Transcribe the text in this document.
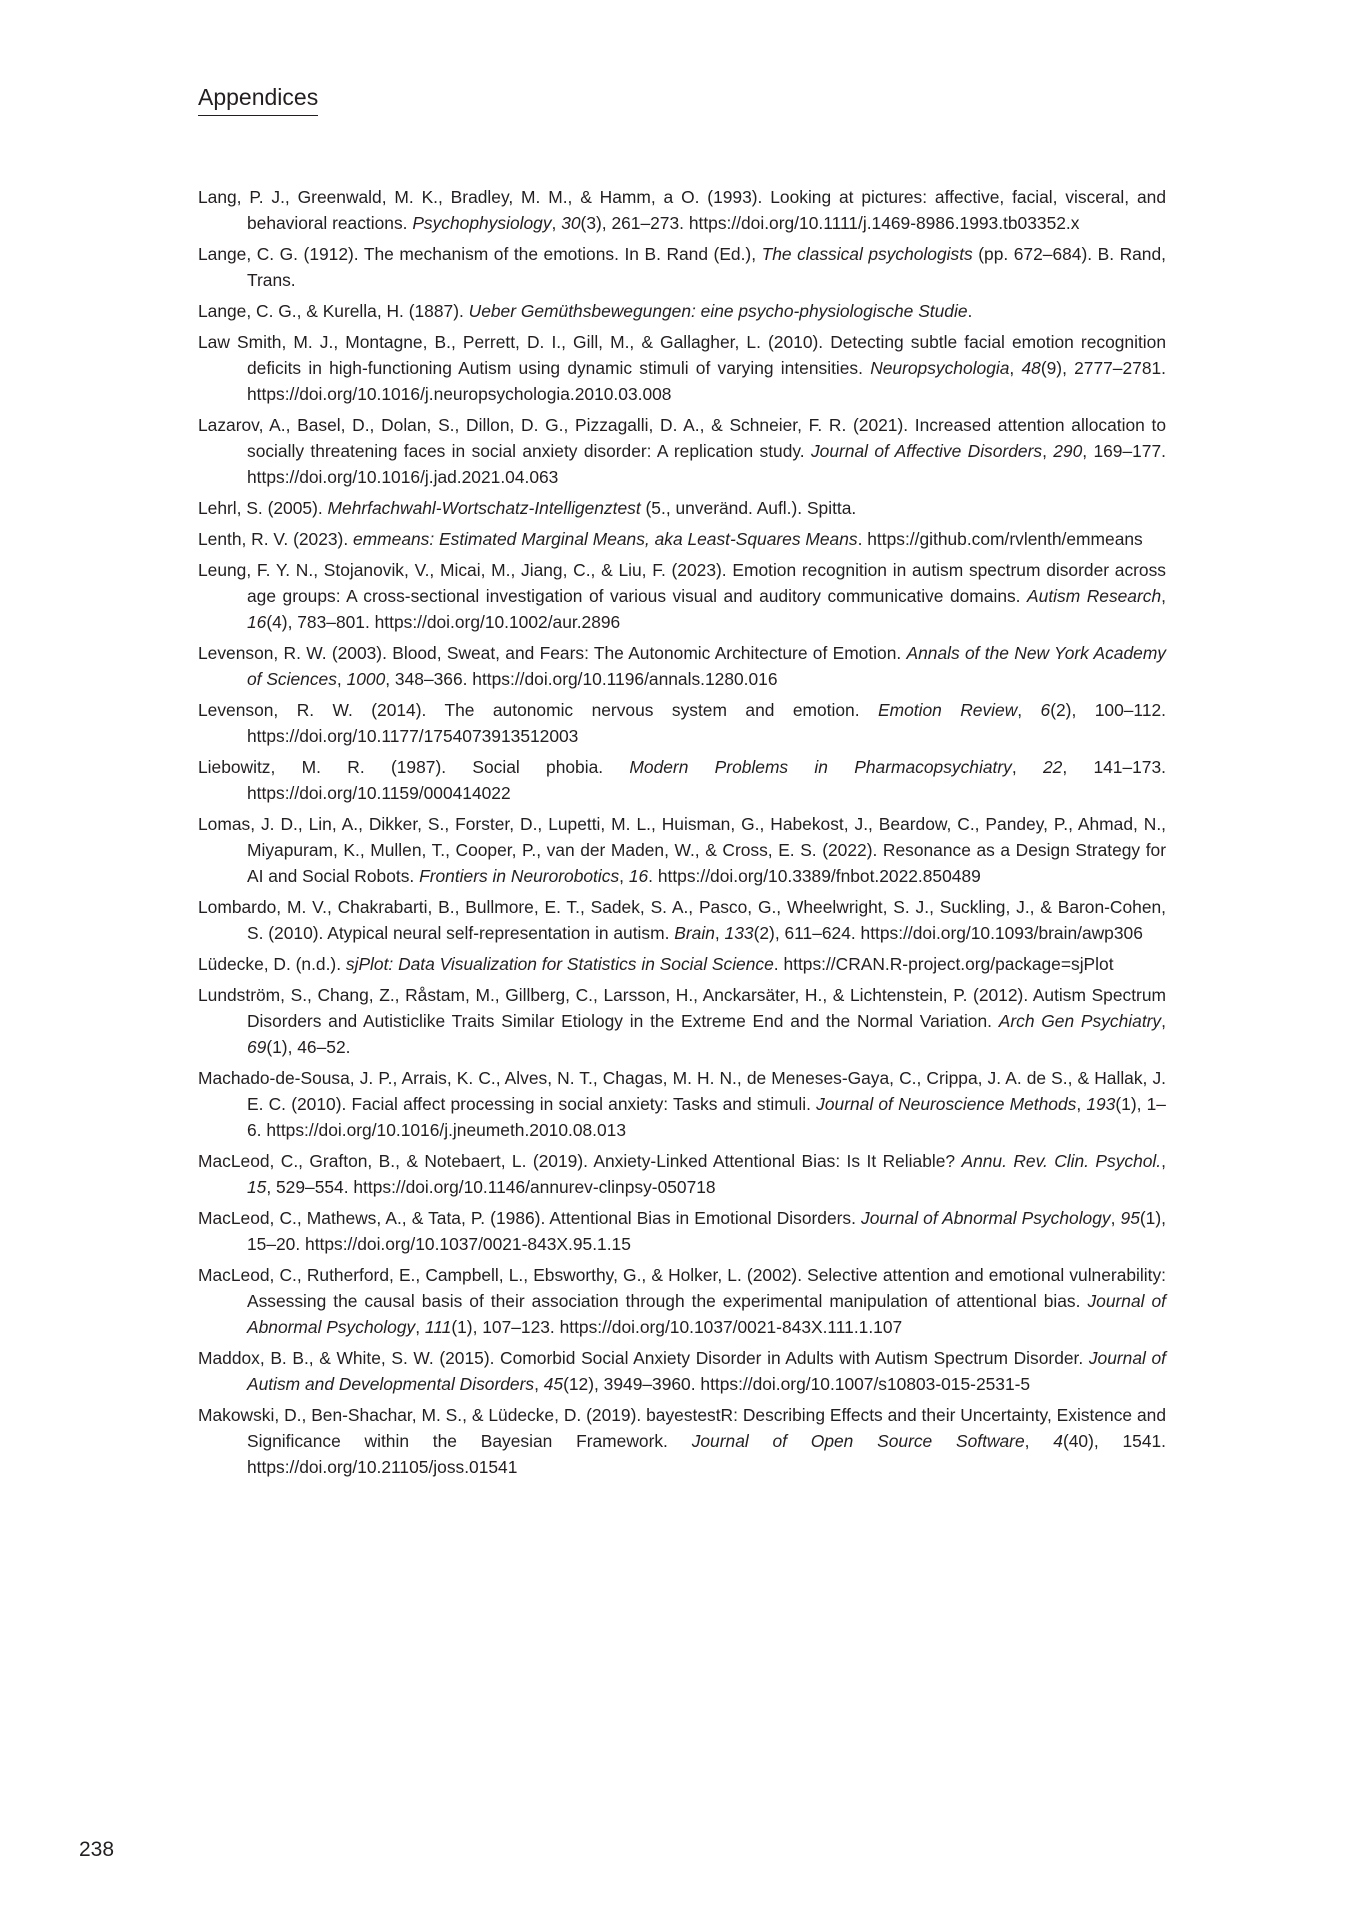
Appendices
Lang, P. J., Greenwald, M. K., Bradley, M. M., & Hamm, a O. (1993). Looking at pictures: affective, facial, visceral, and behavioral reactions. Psychophysiology, 30(3), 261–273. https://doi.org/10.1111/j.1469-8986.1993.tb03352.x
Lange, C. G. (1912). The mechanism of the emotions. In B. Rand (Ed.), The classical psychologists (pp. 672–684). B. Rand, Trans.
Lange, C. G., & Kurella, H. (1887). Ueber Gemüthsbewegungen: eine psycho-physiologische Studie.
Law Smith, M. J., Montagne, B., Perrett, D. I., Gill, M., & Gallagher, L. (2010). Detecting subtle facial emotion recognition deficits in high-functioning Autism using dynamic stimuli of varying intensities. Neuropsychologia, 48(9), 2777–2781. https://doi.org/10.1016/j.neuropsychologia.2010.03.008
Lazarov, A., Basel, D., Dolan, S., Dillon, D. G., Pizzagalli, D. A., & Schneier, F. R. (2021). Increased attention allocation to socially threatening faces in social anxiety disorder: A replication study. Journal of Affective Disorders, 290, 169–177. https://doi.org/10.1016/j.jad.2021.04.063
Lehrl, S. (2005). Mehrfachwahl-Wortschatz-Intelligenztest (5., unveränd. Aufl.). Spitta.
Lenth, R. V. (2023). emmeans: Estimated Marginal Means, aka Least-Squares Means. https://github.com/rvlenth/emmeans
Leung, F. Y. N., Stojanovik, V., Micai, M., Jiang, C., & Liu, F. (2023). Emotion recognition in autism spectrum disorder across age groups: A cross-sectional investigation of various visual and auditory communicative domains. Autism Research, 16(4), 783–801. https://doi.org/10.1002/aur.2896
Levenson, R. W. (2003). Blood, Sweat, and Fears: The Autonomic Architecture of Emotion. Annals of the New York Academy of Sciences, 1000, 348–366. https://doi.org/10.1196/annals.1280.016
Levenson, R. W. (2014). The autonomic nervous system and emotion. Emotion Review, 6(2), 100–112. https://doi.org/10.1177/1754073913512003
Liebowitz, M. R. (1987). Social phobia. Modern Problems in Pharmacopsychiatry, 22, 141–173. https://doi.org/10.1159/000414022
Lomas, J. D., Lin, A., Dikker, S., Forster, D., Lupetti, M. L., Huisman, G., Habekost, J., Beardow, C., Pandey, P., Ahmad, N., Miyapuram, K., Mullen, T., Cooper, P., van der Maden, W., & Cross, E. S. (2022). Resonance as a Design Strategy for AI and Social Robots. Frontiers in Neurorobotics, 16. https://doi.org/10.3389/fnbot.2022.850489
Lombardo, M. V., Chakrabarti, B., Bullmore, E. T., Sadek, S. A., Pasco, G., Wheelwright, S. J., Suckling, J., & Baron-Cohen, S. (2010). Atypical neural self-representation in autism. Brain, 133(2), 611–624. https://doi.org/10.1093/brain/awp306
Lüdecke, D. (n.d.). sjPlot: Data Visualization for Statistics in Social Science. https://CRAN.R-project.org/package=sjPlot
Lundström, S., Chang, Z., Råstam, M., Gillberg, C., Larsson, H., Anckarsäter, H., & Lichtenstein, P. (2012). Autism Spectrum Disorders and Autisticlike Traits Similar Etiology in the Extreme End and the Normal Variation. Arch Gen Psychiatry, 69(1), 46–52.
Machado-de-Sousa, J. P., Arrais, K. C., Alves, N. T., Chagas, M. H. N., de Meneses-Gaya, C., Crippa, J. A. de S., & Hallak, J. E. C. (2010). Facial affect processing in social anxiety: Tasks and stimuli. Journal of Neuroscience Methods, 193(1), 1–6. https://doi.org/10.1016/j.jneumeth.2010.08.013
MacLeod, C., Grafton, B., & Notebaert, L. (2019). Anxiety-Linked Attentional Bias: Is It Reliable? Annu. Rev. Clin. Psychol., 15, 529–554. https://doi.org/10.1146/annurev-clinpsy-050718
MacLeod, C., Mathews, A., & Tata, P. (1986). Attentional Bias in Emotional Disorders. Journal of Abnormal Psychology, 95(1), 15–20. https://doi.org/10.1037/0021-843X.95.1.15
MacLeod, C., Rutherford, E., Campbell, L., Ebsworthy, G., & Holker, L. (2002). Selective attention and emotional vulnerability: Assessing the causal basis of their association through the experimental manipulation of attentional bias. Journal of Abnormal Psychology, 111(1), 107–123. https://doi.org/10.1037/0021-843X.111.1.107
Maddox, B. B., & White, S. W. (2015). Comorbid Social Anxiety Disorder in Adults with Autism Spectrum Disorder. Journal of Autism and Developmental Disorders, 45(12), 3949–3960. https://doi.org/10.1007/s10803-015-2531-5
Makowski, D., Ben-Shachar, M. S., & Lüdecke, D. (2019). bayestestR: Describing Effects and their Uncertainty, Existence and Significance within the Bayesian Framework. Journal of Open Source Software, 4(40), 1541. https://doi.org/10.21105/joss.01541
238
